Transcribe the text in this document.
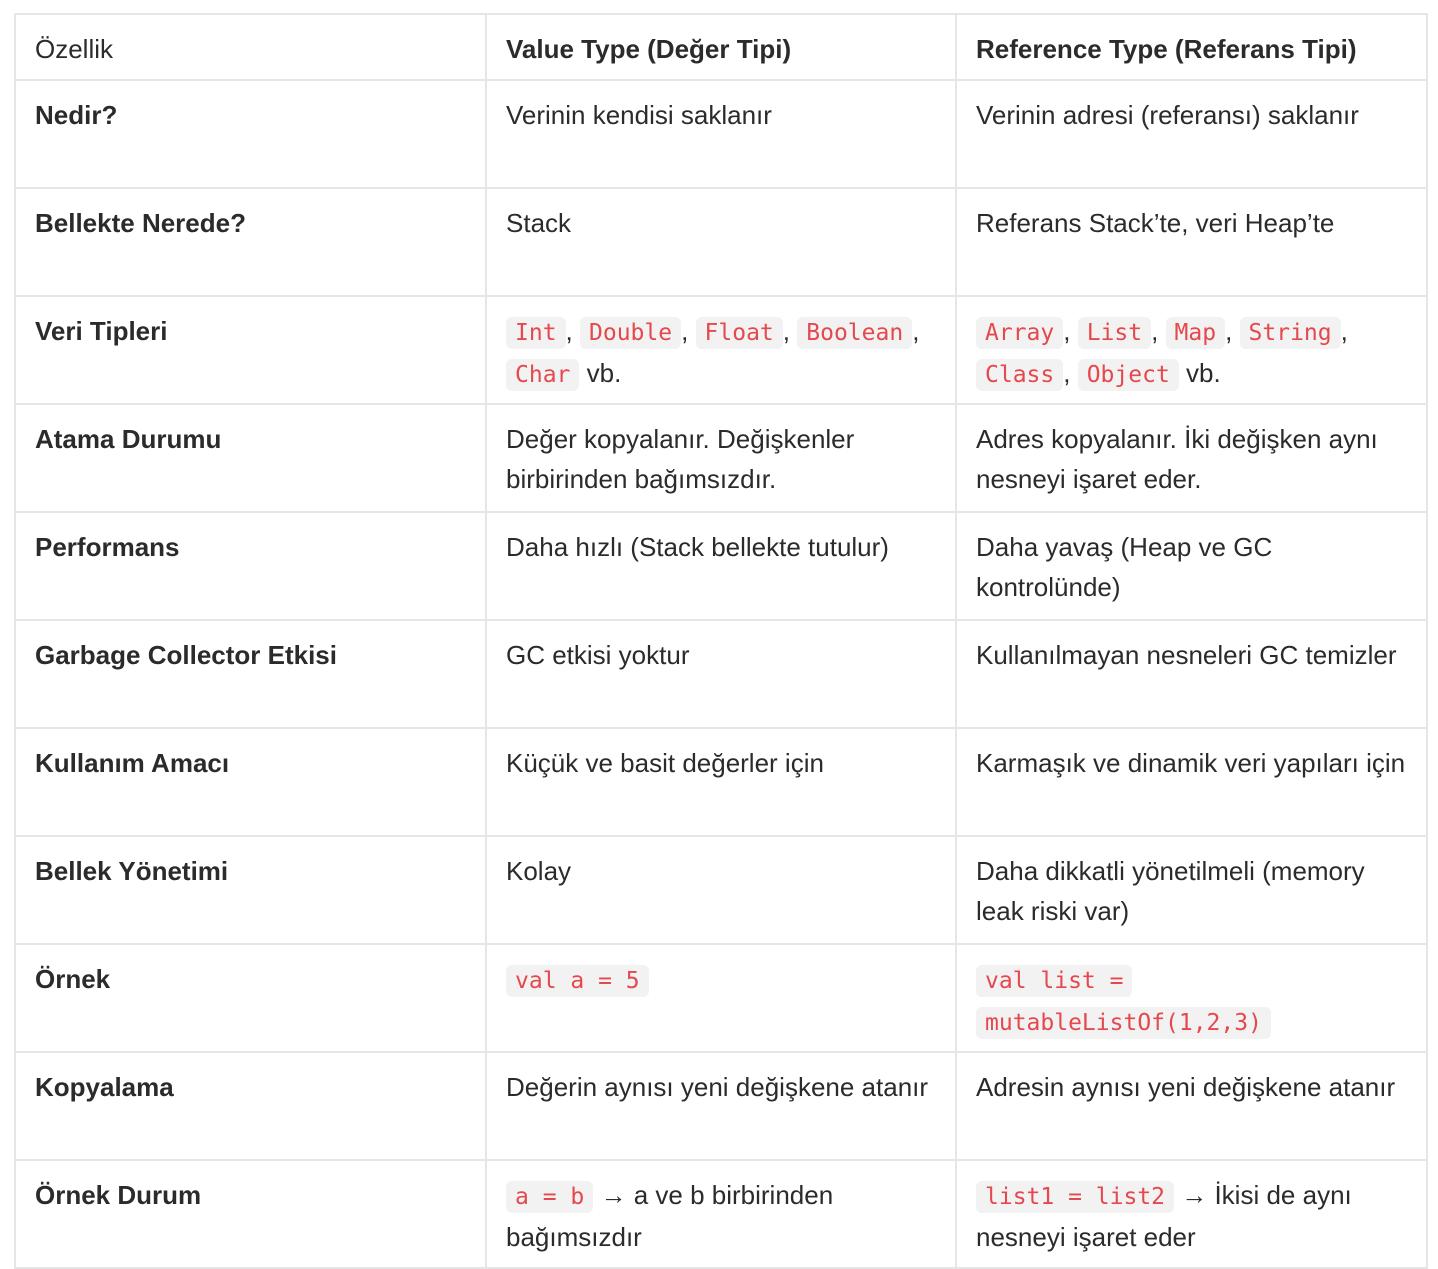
Özellik	Value Type (Değer Tipi)	Reference Type (Referans Tipi)
Nedir?	Verinin kendisi saklanır	Verinin adresi (referansı) saklanır
Bellekte Nerede?	Stack	Referans Stack’te, veri Heap’te
Veri Tipleri	Int , Double , Float , Boolean , Char vb.	Array , List , Map , String , Class , Object vb.
Atama Durumu	Değer kopyalanır. Değişkenler birbirinden bağımsızdır.	Adres kopyalanır. İki değişken aynı nesneyi işaret eder.
Performans	Daha hızlı (Stack bellekte tutulur)	Daha yavaş (Heap ve GC kontrolünde)
Garbage Collector Etkisi	GC etkisi yoktur	Kullanılmayan nesneleri GC temizler
Kullanım Amacı	Küçük ve basit değerler için	Karmaşık ve dinamik veri yapıları için
Bellek Yönetimi	Kolay	Daha dikkatli yönetilmeli (memory leak riski var)
Örnek	val a = 5	val list = mutableListOf(1,2,3)
Kopyalama	Değerin aynısı yeni değişkene atanır	Adresin aynısı yeni değişkene atanır
Örnek Durum	a = b → a ve b birbirinden bağımsızdır	list1 = list2 → İkisi de aynı nesneyi işaret eder
